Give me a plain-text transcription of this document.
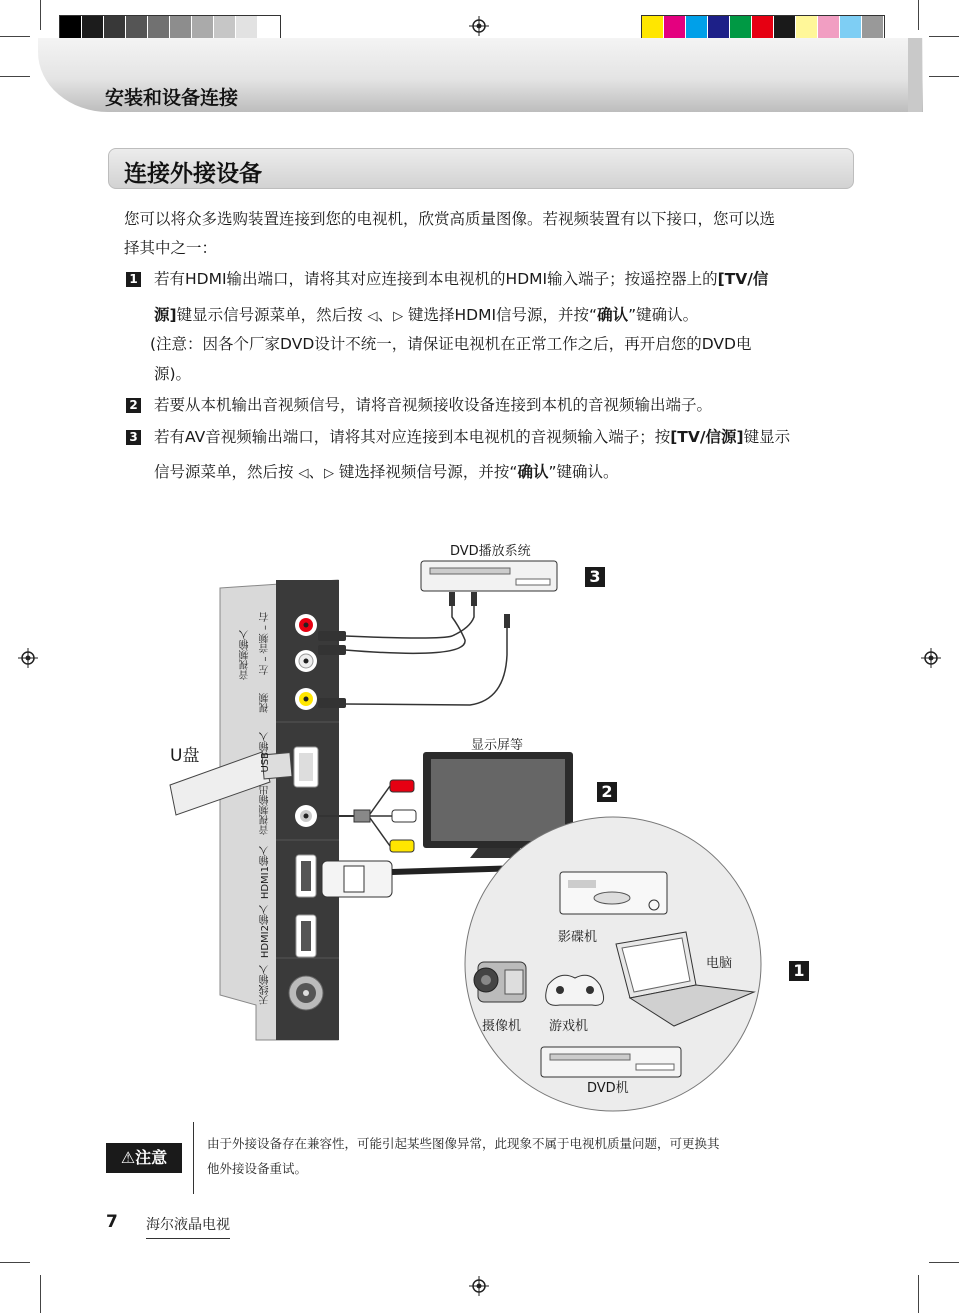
安装和设备连接
连接外接设备
您可以将众多选购装置连接到您的电视机，欣赏高质量图像。若视频装置有以下接口，您可以选
择其中之一：
1 若有HDMI输出端口，请将其对应连接到本电视机的HDMI输入端子；按遥控器上的[TV/信
源]键显示信号源菜单，然后按 ◁、▷ 键选择HDMI信号源，并按“确认”键确认。
(注意：因各个厂家DVD设计不统一，请保证电视机在正常工作之后，再开启您的DVD电
源)。
2 若要从本机输出音视频信号，请将音视频接收设备连接到本机的音视频输出端子。
3 若有AV音视频输出端口，请将其对应连接到本电视机的音视频输入端子；按[TV/信源]键显示
信号源菜单，然后按 ◁、▷ 键选择视频信号源，并按“确认”键确认。
DVD播放系统
3
显示屏等
2
U盘
影碟机
电脑	1
摄像机 游戏机
DVD机
音视频输入 左 – 音频 – 右
视频
USB输入
音视频输出
HDMI1输入
HDMI2输入
天线输入
⚠注意
由于外接设备存在兼容性，可能引起某些图像异常，此现象不属于电视机质量问题，可更换其
他外接设备重试。
7 海尔液晶电视
